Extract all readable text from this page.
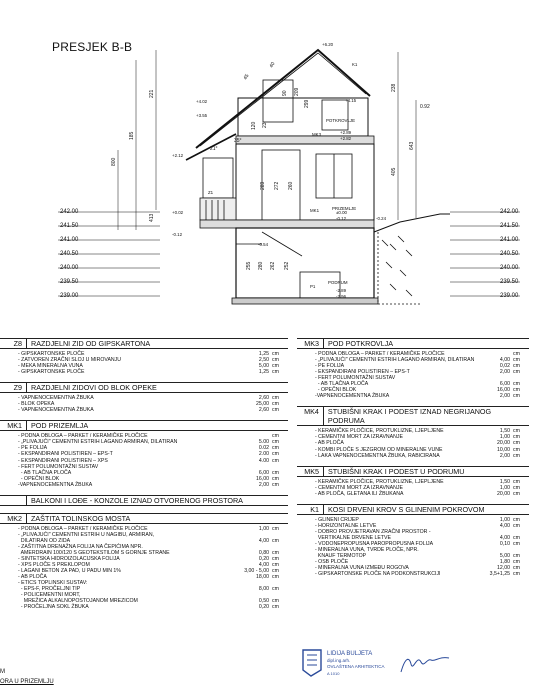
PRESJEK B-B	+6.20
+4.02
+3.55
+4.15
POTKROVLJE
MK3	+2.89
+2.82
+2.12
PRIZEMLJE
MK1	±0.00
-0.12
+0.02
-0.12
-0.24
-0.54
PODRUM
P1
-2.89
-2.96
K1
Z1
221
185
800
413
238
643
405
45
40
90 209
299
23
120
260
272
289
252
262
280
255
35°
21°
0.92
242.00
241.50
241.00
240.50
240.00
239.50
239.00
242.00
241.50
241.00
240.50
240.00
239.50
239.00
Z8	RAZDJELNI ZID OD GIPSKARTONA
- GIPSKARTONSKE PLOČE	1,25 cm
- ZATVOREN ZRAČNI SLOJ U MIROVANJU	2,50 cm
- MEKA MINERALNA VUNA	5,00 cm
- GIPSKARTONSKE PLOČE	1,25 cm
Z9	RAZDJELNI ZIDOVI OD BLOK OPEKE
- VAPNENOCEMENTNA ŽBUKA	2,60 cm
- BLOK OPEKA	25,00 cm
- VAPNENOCEMENTNA ŽBUKA	2,60 cm
MK1	POD PRIZEMLJA
- PODNA OBLOGA – PARKET / KERAMIČKE PLOČICE	cm
- „PLIVAJUĆI" CEMENTNI ESTRIH LAGANO ARMIRAN, DILATIRAN	5.00 cm
- PE FOLIJA	0.02 cm
- EKSPANDIRANI POLISTIREN – EPS-T	2.00 cm
- EKSPANDIRANI POLISTIREN – XPS	4.00 cm
- FERT POLUMONTAŽNI SUSTAV
- AB TLAČNA PLOČA	6,00 cm
- OPEČNI BLOK	16,00 cm
-VAPNENOCEMENTNA ŽBUKA	2,00 cm
BALKONI I LOĐE - KONZOLE IZNAD OTVORENOG PROSTORA
MK2	ZAŠTITA TOLINSKOG MOSTA
- PODNA OBLOGA – PARKET / KERAMIČKE PLOČICE	1,00 cm
- „PLIVAJUĆI" CEMENTNI ESTRIH U NAGIBU, ARMIRAN,
DILATIRAN OD ZIDA	4,00 cm
- ZAŠTITNA DRENAŽNA FOLIJA NA ČEPIĆIMA NPR.
AMERDRAIN 100/120 S GEOTEKSTILOM S GORNJE STRANE	0,80 cm
- SINTETSKA HIDROIZOLACIJSKA FOLIJA	0,20 cm
- XPS PLOČE S PREKLOPOM	4,00 cm
- LAGANI BETON ZA PAD, U PADU MIN 1%	3,00 - 5,00 cm
- AB PLOČA	18,00 cm
- ETICS TOPLINSKI SUSTAV:
- EPS-F, PROČELJNI TIP	8,00 cm
- POLICEMENTNI MORT,
MREŽICA ALKALNOPOSTOJANOM MREZICOM	0,50 cm
- PROČELJNA SOKL ŽBUKA	0,20 cm
MK3	POD POTKROVLJA
- PODNA OBLOGA – PARKET / KERAMIČKE PLOČICE	cm
- „PLIVAJUĆI" CEMENTNI ESTRIH LAGANO ARMIRAN, DILATIRAN	4,00 cm
- PE FOLIJA	0,02 cm
- EKSPANDIRANI POLISTIREN – EPS-T	2,00 cm
- FERT POLUMONTAŽNI SUSTAV
- AB TLAČNA PLOČA	6,00 cm
- OPEČNI BLOK	16,00 cm
-VAPNENOCEMENTNA ŽBUKA	2,00 cm
MK4	STUBIŠNI KRAK I PODEST IZNAD NEGRIJANOG PODRUMA
- KERAMIČKE PLOČICE, PROTUKLIZNE, LJEPLJENE	1,50 cm
- CEMENTNI MORT ZA IZRAVNANJE	1,00 cm
- AB PLOČA	20,00 cm
- KOMBI PLOČE S JEZGROM OD MINERALNE VUNE	10,00 cm
- LAKA VAPNENOCEMENTNA ŽBUKA, RABICIRANA	2,00 cm
MK5	STUBIŠNI KRAK I PODEST U PODRUMU
- KERAMIČKE PLOČICE, PROTUKLIZNE, LJEPLJENE	1,50 cm
- CEMENTNI MORT ZA IZRAVNANJE	1,00 cm
- AB PLOČA, GLETANA ILI ŽBUKANA	20,00 cm
K1	KOSI DRVENI KROV S GLINENIM POKROVOM
- GLINENI CRIJEP	1,00 cm
- HORIZONTALNE LETVE	4,00 cm
- DOBRO PROVJETRAVAN ZRAČNI PROSTOR -
VERTIKALNE DRVENE LETVE	4,00 cm
- VODONEPROPUSNA PAROPROPUSNA FOLIJA	0,10 cm
- MINERALNA VUNA, TVRDE PLOČE, NPR.
KNAUF TERMOTOP	5,00 cm
- OSB PLOČE	1,80 cm
- MINERALNA VUNA IZMEĐU ROGOVA	12,00 cm
- GIPSKARTONSKE PLOČE NA PODKONSTRUKCIJI	3,5+1,25 cm
M
ORA U PRIZEMLJU
LIDIJA BULJETA
dipl.ing.arh.
OVLAŠTENA ARHITEKTICA
A 1010
